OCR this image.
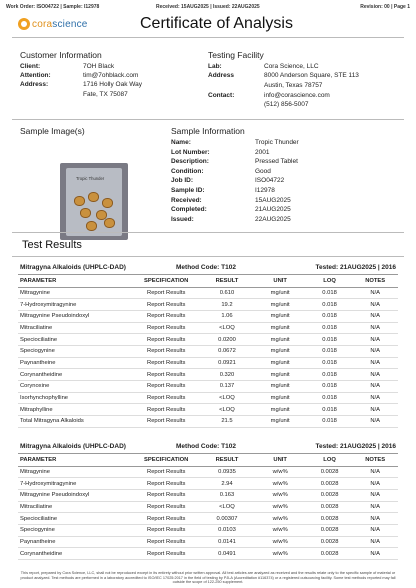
Work Order: ISO04722 | Sample: I12978	Received: 15AUG2025 | Issued: 22AUG2025	Revision: 00 | Page 1
corascience	Certificate of Analysis
Customer Information
Client:	7OH Black
Attention:	tim@7ohblack.com
Address:	1716 Holly Oak Way
Fate, TX 75087
Testing Facility
Lab:	Cora Science, LLC
Address	8000 Anderson Square, STE 113
Austin, Texas 78757
Contact:	info@corascience.com
(512) 856-5007
Sample Image(s)
Tropic Thunder
Sample Information
Name:	Tropic Thunder
Lot Number:	2001
Description:	Pressed Tablet
Condition:	Good
Job ID:	ISO04722
Sample ID:	I12978
Received:	15AUG2025
Completed:	21AUG2025
Issued:	22AUG2025
Test Results
Mitragyna Alkaloids (UHPLC-DAD)	Method Code: T102	Tested: 21AUG2025 | 2016
PARAMETER	SPECIFICATION	RESULT	UNIT	LOQ	NOTES
Mitragynine	Report Results	0.610	mg/unit	0.018	N/A
7-Hydroxymitragynine	Report Results	19.2	mg/unit	0.018	N/A
Mitragynine Pseudoindoxyl	Report Results	1.06	mg/unit	0.018	N/A
Mitraciliatine	Report Results	<LOQ	mg/unit	0.018	N/A
Speciociliatine	Report Results	0.0200	mg/unit	0.018	N/A
Speciogynine	Report Results	0.0672	mg/unit	0.018	N/A
Paynantheine	Report Results	0.0921	mg/unit	0.018	N/A
Corynantheidine	Report Results	0.320	mg/unit	0.018	N/A
Corynoxine	Report Results	0.137	mg/unit	0.018	N/A
Isorhynchophylline	Report Results	<LOQ	mg/unit	0.018	N/A
Mitraphylline	Report Results	<LOQ	mg/unit	0.018	N/A
Total Mitragyna Alkaloids	Report Results	21.5	mg/unit	0.018	N/A
Mitragyna Alkaloids (UHPLC-DAD)	Method Code: T102	Tested: 21AUG2025 | 2016
PARAMETER	SPECIFICATION	RESULT	UNIT	LOQ	NOTES
Mitragynine	Report Results	0.0935	w/w%	0.0028	N/A
7-Hydroxymitragynine	Report Results	2.94	w/w%	0.0028	N/A
Mitragynine Pseudoindoxyl	Report Results	0.163	w/w%	0.0028	N/A
Mitraciliatine	Report Results	<LOQ	w/w%	0.0028	N/A
Speciociliatine	Report Results	0.00307	w/w%	0.0028	N/A
Speciogynine	Report Results	0.0103	w/w%	0.0028	N/A
Paynantheine	Report Results	0.0141	w/w%	0.0028	N/A
Corynantheidine	Report Results	0.0491	w/w%	0.0028	N/A
This report, prepared by Cora Science, LLC, shall not be reproduced except in its entirety without prior written approval. All test articles are analyzed as received and the results relate only to the specific sample of material or product analyzed. Test methods are performed in a laboratory accredited to ISO/IEC 17025:2017 in the field of testing by PJLA (Accreditation #116374) or a registered outsourcing facility. Some test methods reported may fall outside the scope of 122-250 supplement.
